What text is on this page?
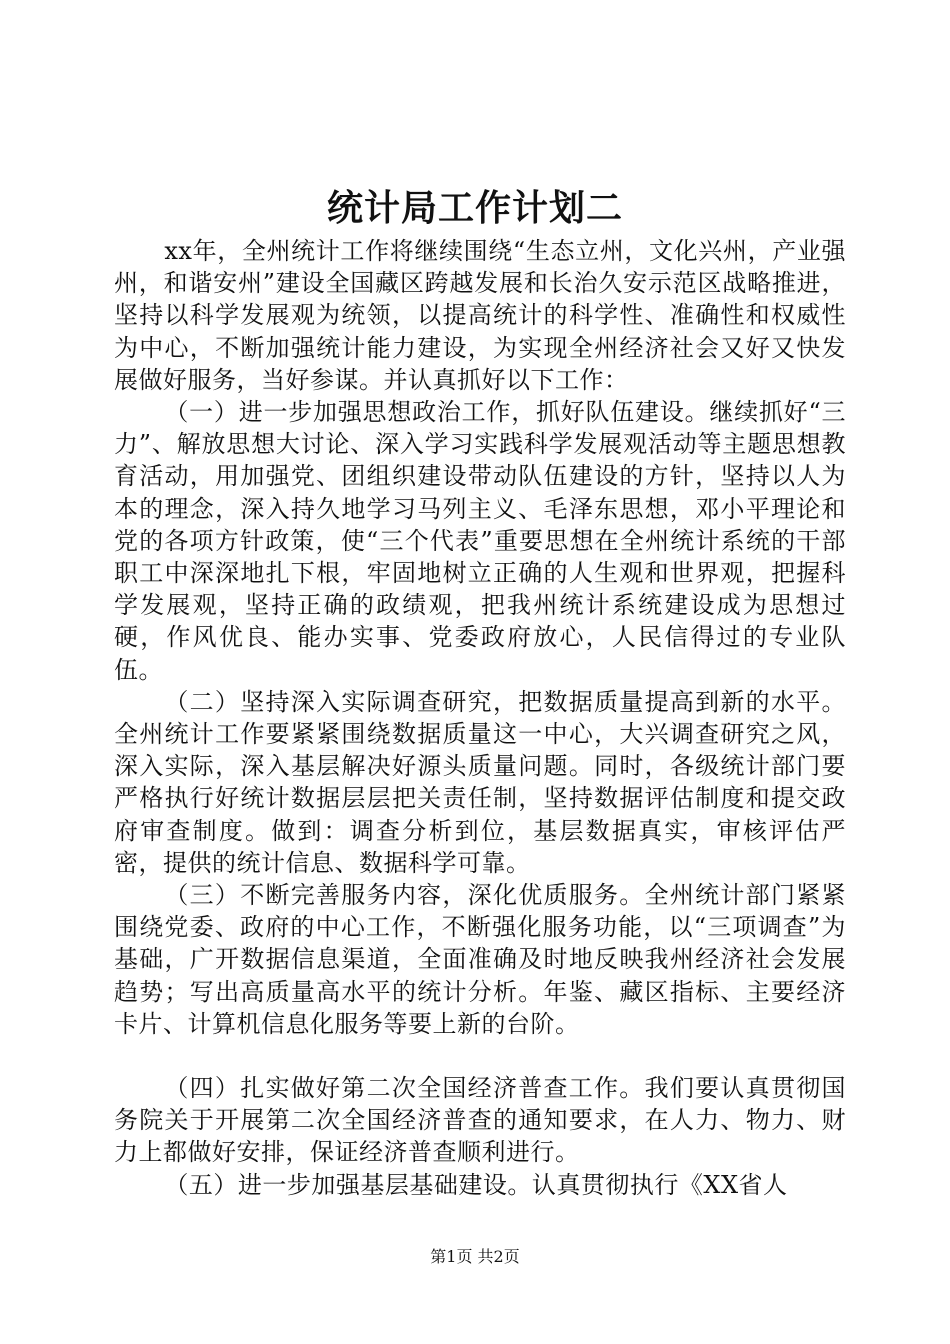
统计局工作计划二

xx年，全州统计工作将继续围绕“生态立州，文化兴州，产业强州，和谐安州”建设全国藏区跨越发展和长治久安示范区战略推进，坚持以科学发展观为统领，以提高统计的科学性、准确性和权威性为中心，不断加强统计能力建设，为实现全州经济社会又好又快发展做好服务，当好参谋。并认真抓好以下工作：

（一）进一步加强思想政治工作，抓好队伍建设。继续抓好“三力”、解放思想大讨论、深入学习实践科学发展观活动等主题思想教育活动，用加强党、团组织建设带动队伍建设的方针，坚持以人为本的理念，深入持久地学习马列主义、毛泽东思想，邓小平理论和党的各项方针政策，使“三个代表”重要思想在全州统计系统的干部职工中深深地扎下根，牢固地树立正确的人生观和世界观，把握科学发展观，坚持正确的政绩观，把我州统计系统建设成为思想过硬，作风优良、能办实事、党委政府放心，人民信得过的专业队伍。

（二）坚持深入实际调查研究，把数据质量提高到新的水平。全州统计工作要紧紧围绕数据质量这一中心，大兴调查研究之风，深入实际，深入基层解决好源头质量问题。同时，各级统计部门要严格执行好统计数据层层把关责任制，坚持数据评估制度和提交政府审查制度。做到：调查分析到位，基层数据真实，审核评估严密，提供的统计信息、数据科学可靠。

（三）不断完善服务内容，深化优质服务。全州统计部门紧紧围绕党委、政府的中心工作，不断强化服务功能，以“三项调查”为基础，广开数据信息渠道，全面准确及时地反映我州经济社会发展趋势；写出高质量高水平的统计分析。年鉴、藏区指标、主要经济卡片、计算机信息化服务等要上新的台阶。

（四）扎实做好第二次全国经济普查工作。我们要认真贯彻国务院关于开展第二次全国经济普查的通知要求，在人力、物力、财力上都做好安排，保证经济普查顺利进行。

（五）进一步加强基层基础建设。认真贯彻执行《XX省人

第1页 共2页
